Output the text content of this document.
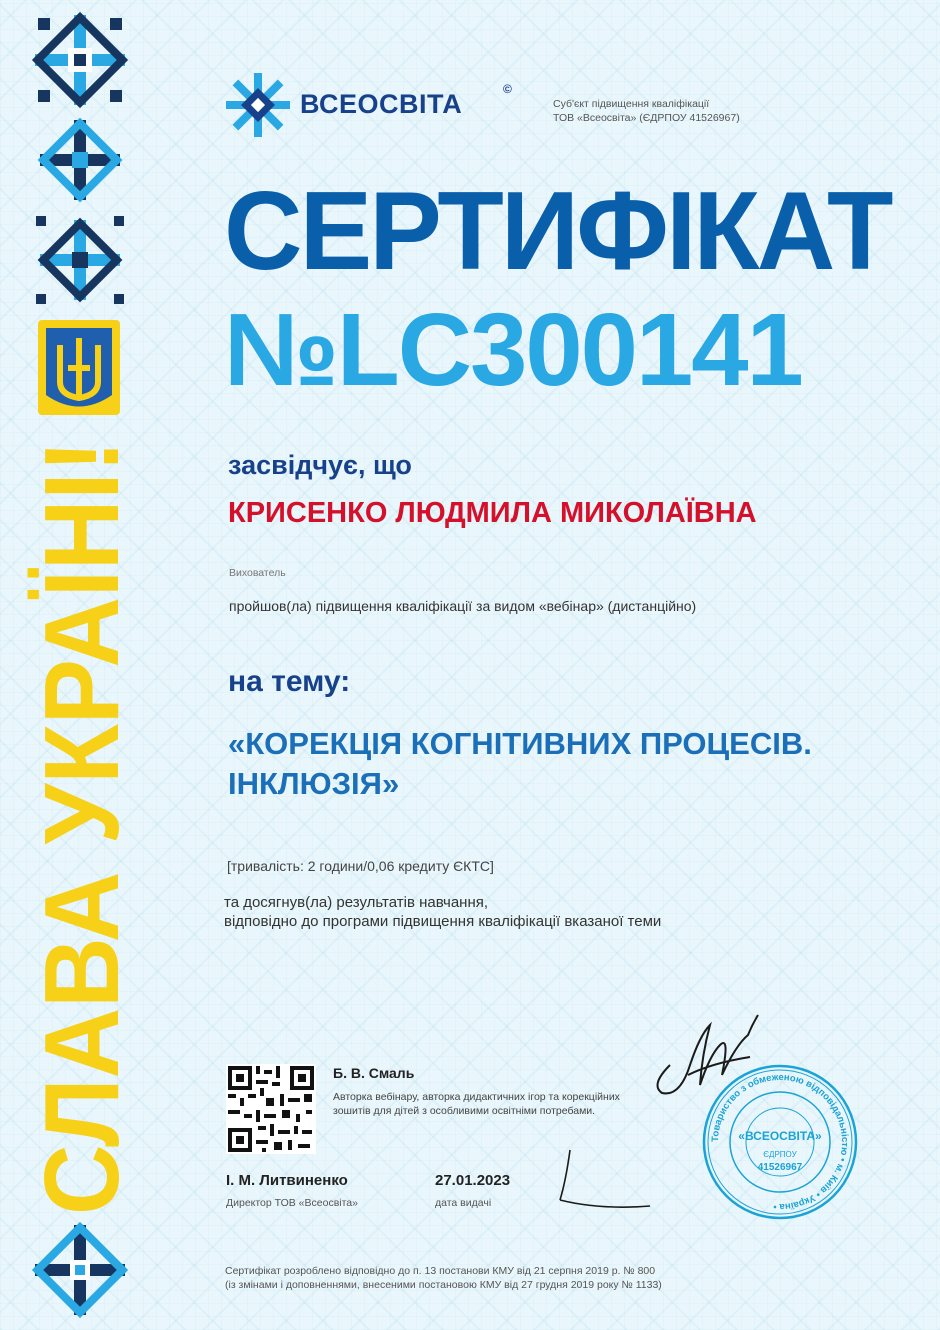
СЛАВА УКРАЇНІ!
ВСЕОСВІТА	©
Суб'єкт підвищення кваліфікації
ТОВ «Всеосвіта» (ЄДРПОУ 41526967)
СЕРТИФІКАТ
№LC300141
засвідчує, що
КРИСЕНКО ЛЮДМИЛА МИКОЛАЇВНА
Вихователь
пройшов(ла) підвищення кваліфікації за видом «вебінар» (дистанційно)
на тему:
«КОРЕКЦІЯ КОГНІТИВНИХ ПРОЦЕСІВ.
ІНКЛЮЗІЯ»
[тривалість: 2 години/0,06 кредиту ЄКТС]
та досягнув(ла) результатів навчання,
відповідно до програми підвищення кваліфікації вказаної теми
Б. В. Смаль
Авторка вебінару, авторка дидактичних ігор та корекційних
зошитів для дітей з особливими освітніми потребами.
І. М. Литвиненко
Директор ТОВ «Всеосвіта»
27.01.2023
дата видачі
Товариство з обмеженою відповідальністю • м. Київ • Україна •
«ВСЕОСВІТА»
ЄДРПОУ
41526967
Сертифікат розроблено відповідно до п. 13 постанови КМУ від 21 серпня 2019 р. № 800
(із змінами і доповненнями, внесеними постановою КМУ від 27 грудня 2019 року № 1133)
